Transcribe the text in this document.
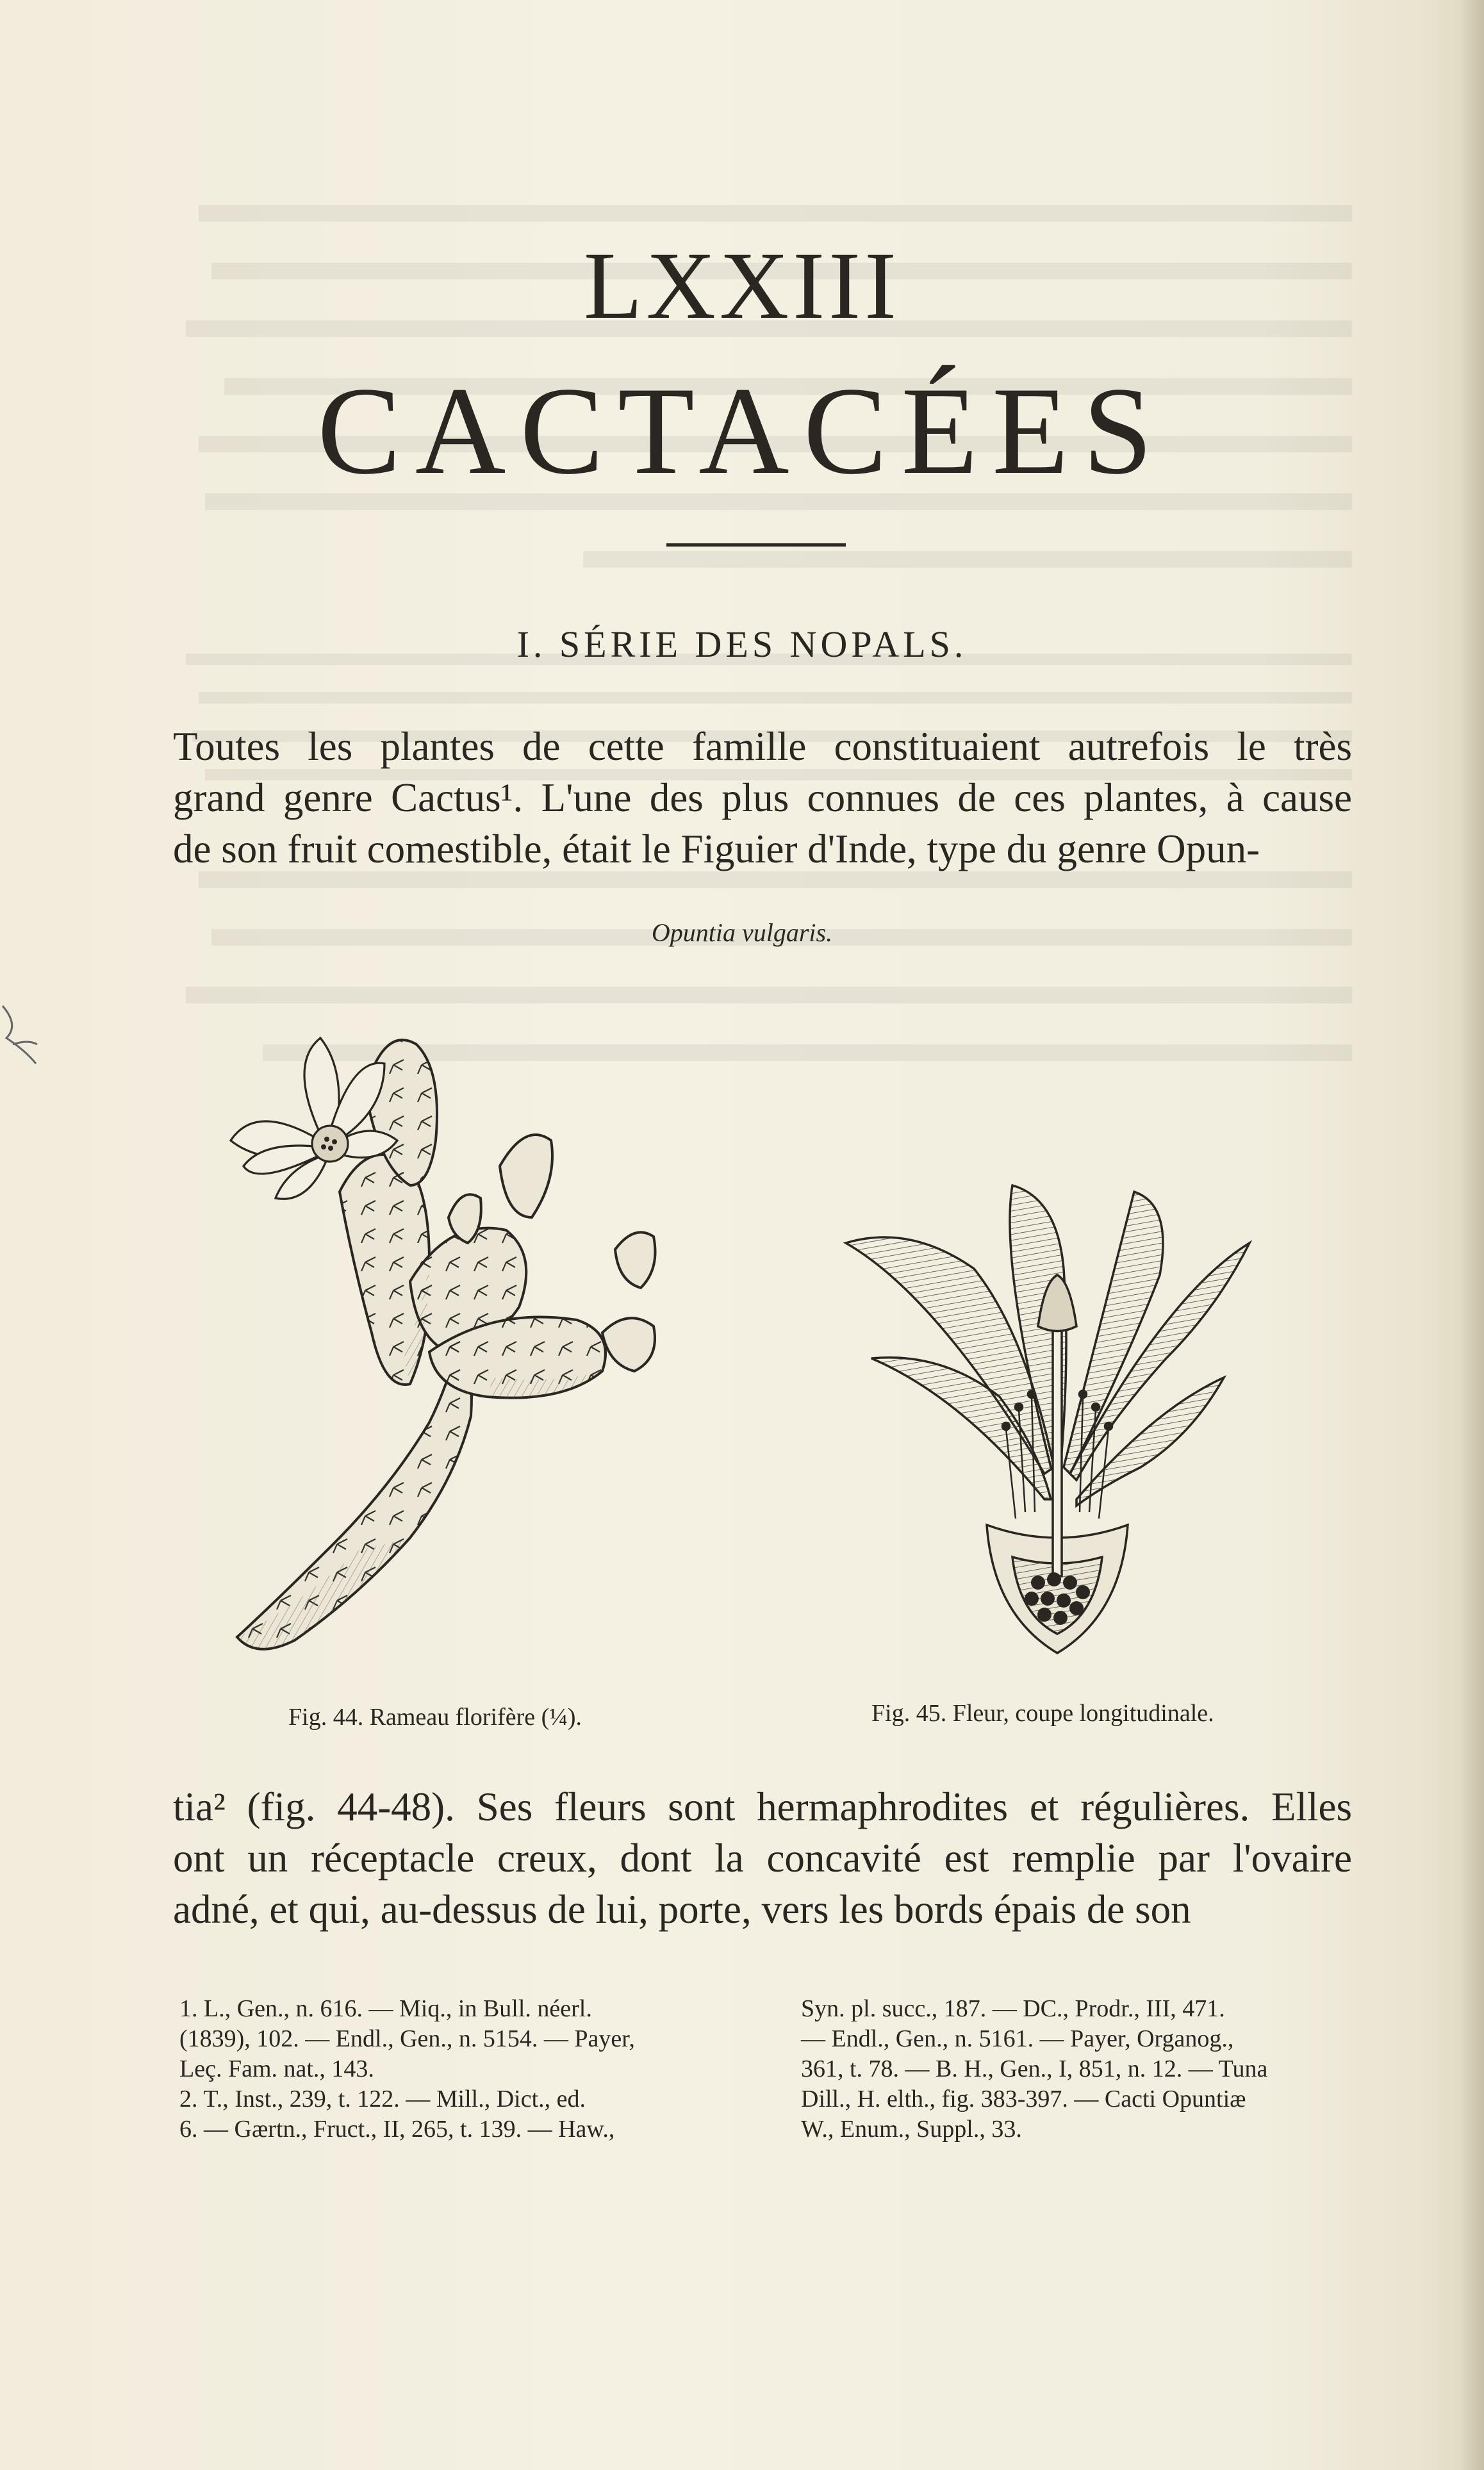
LXXIII
CACTACÉES
I. SÉRIE DES NOPALS.
Toutes les plantes de cette famille constituaient autrefois le très
grand genre Cactus¹. L'une des plus connues de ces plantes, à cause
de son fruit comestible, était le Figuier d'Inde, type du genre Opun-
Opuntia vulgaris.
Fig. 44. Rameau florifère (¼).	Fig. 45. Fleur, coupe longitudinale.
tia² (fig. 44-48). Ses fleurs sont hermaphrodites et régulières. Elles
ont un réceptacle creux, dont la concavité est remplie par l'ovaire
adné, et qui, au-dessus de lui, porte, vers les bords épais de son
1. L., Gen., n. 616. — Miq., in Bull. néerl.
(1839), 102. — Endl., Gen., n. 5154. — Payer,
Leç. Fam. nat., 143.
2. T., Inst., 239, t. 122. — Mill., Dict., ed.
6. — Gærtn., Fruct., II, 265, t. 139. — Haw.,
Syn. pl. succ., 187. — DC., Prodr., III, 471.
— Endl., Gen., n. 5161. — Payer, Organog.,
361, t. 78. — B. H., Gen., I, 851, n. 12. — Tuna
Dill., H. elth., fig. 383-397. — Cacti Opuntiæ
W., Enum., Suppl., 33.
